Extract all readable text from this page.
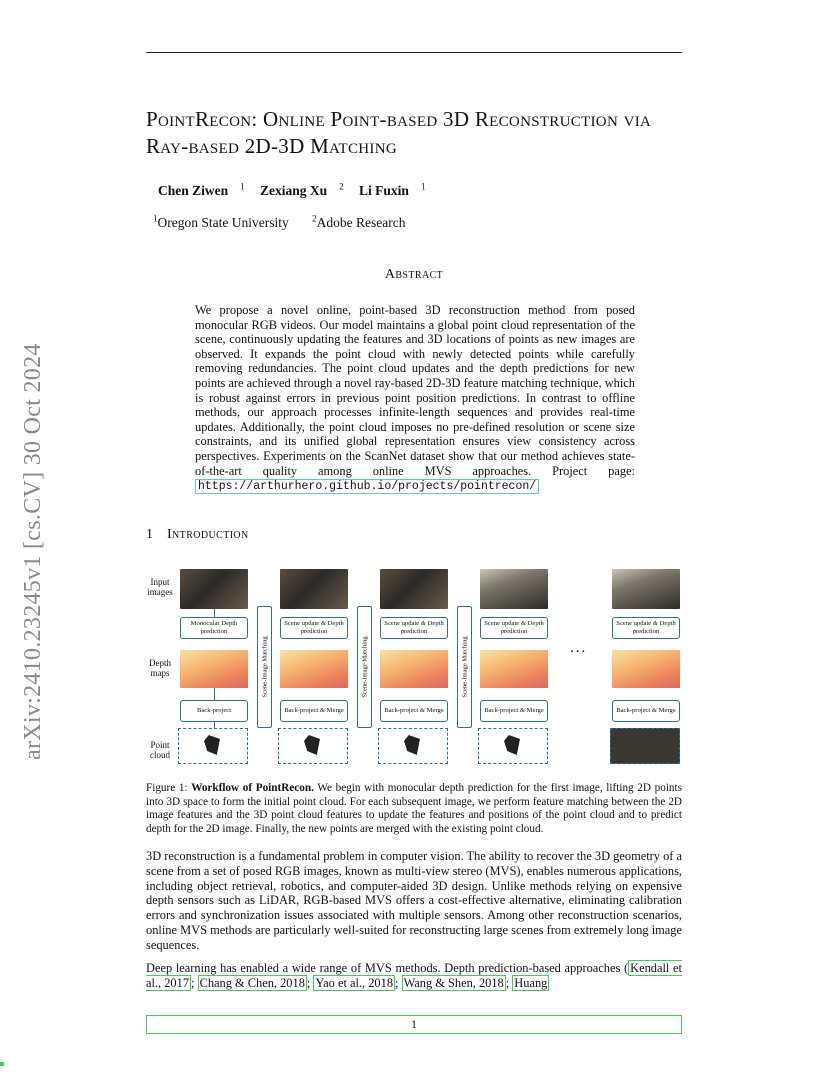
arXiv:2410.23245v1 [cs.CV] 30 Oct 2024
PointRecon: Online Point-based 3D Reconstruction via Ray-based 2D-3D Matching
Chen Ziwen $^1$ Zexiang Xu $^2$ Li Fuxin $^1$
$^1$Oregon State University	$^2$Adobe Research
Abstract
We propose a novel online, point-based 3D reconstruction method from posed monocular RGB videos. Our model maintains a global point cloud representation of the scene, continuously updating the features and 3D locations of points as new images are observed. It expands the point cloud with newly detected points while carefully removing redundancies. The point cloud updates and the depth predictions for new points are achieved through a novel ray-based 2D-3D feature matching technique, which is robust against errors in previous point position predictions. In contrast to offline methods, our approach processes infinite-length sequences and provides real-time updates. Additionally, the point cloud imposes no pre-defined resolution or scene size constraints, and its unified global representation ensures view consistency across perspectives. Experiments on the ScanNet dataset show that our method achieves state-of-the-art quality among online MVS approaches. Project page: https://arthurhero.github.io/projects/pointrecon/
1 Introduction
Input images
Depth maps
Point cloud
Monocular Depth prediction
Back-project
Scene-Image Matching
Scene update & Depth prediction
Back-project & Merge
Scene-Image Matching
Scene update & Depth prediction
Back-project & Merge
Scene-Image Matching
Scene update & Depth prediction
Back-project & Merge
...
Scene update & Depth prediction
Back-project & Merge
Figure 1: Workflow of PointRecon. We begin with monocular depth prediction for the first image, lifting 2D points into 3D space to form the initial point cloud. For each subsequent image, we perform feature matching between the 2D image features and the 3D point cloud features to update the features and positions of the point cloud and to predict depth for the 2D image. Finally, the new points are merged with the existing point cloud.
3D reconstruction is a fundamental problem in computer vision. The ability to recover the 3D geometry of a scene from a set of posed RGB images, known as multi-view stereo (MVS), enables numerous applications, including object retrieval, robotics, and computer-aided 3D design. Unlike methods relying on expensive depth sensors such as LiDAR, RGB-based MVS offers a cost-effective alternative, eliminating calibration errors and synchronization issues associated with multiple sensors. Among other reconstruction scenarios, online MVS methods are particularly well-suited for reconstructing large scenes from extremely long image sequences.
Deep learning has enabled a wide range of MVS methods. Depth prediction-based approaches ( Kendall et al., 2017 ; Chang & Chen, 2018 ; Yao et al., 2018 ; Wang & Shen, 2018 ; Huang
1
